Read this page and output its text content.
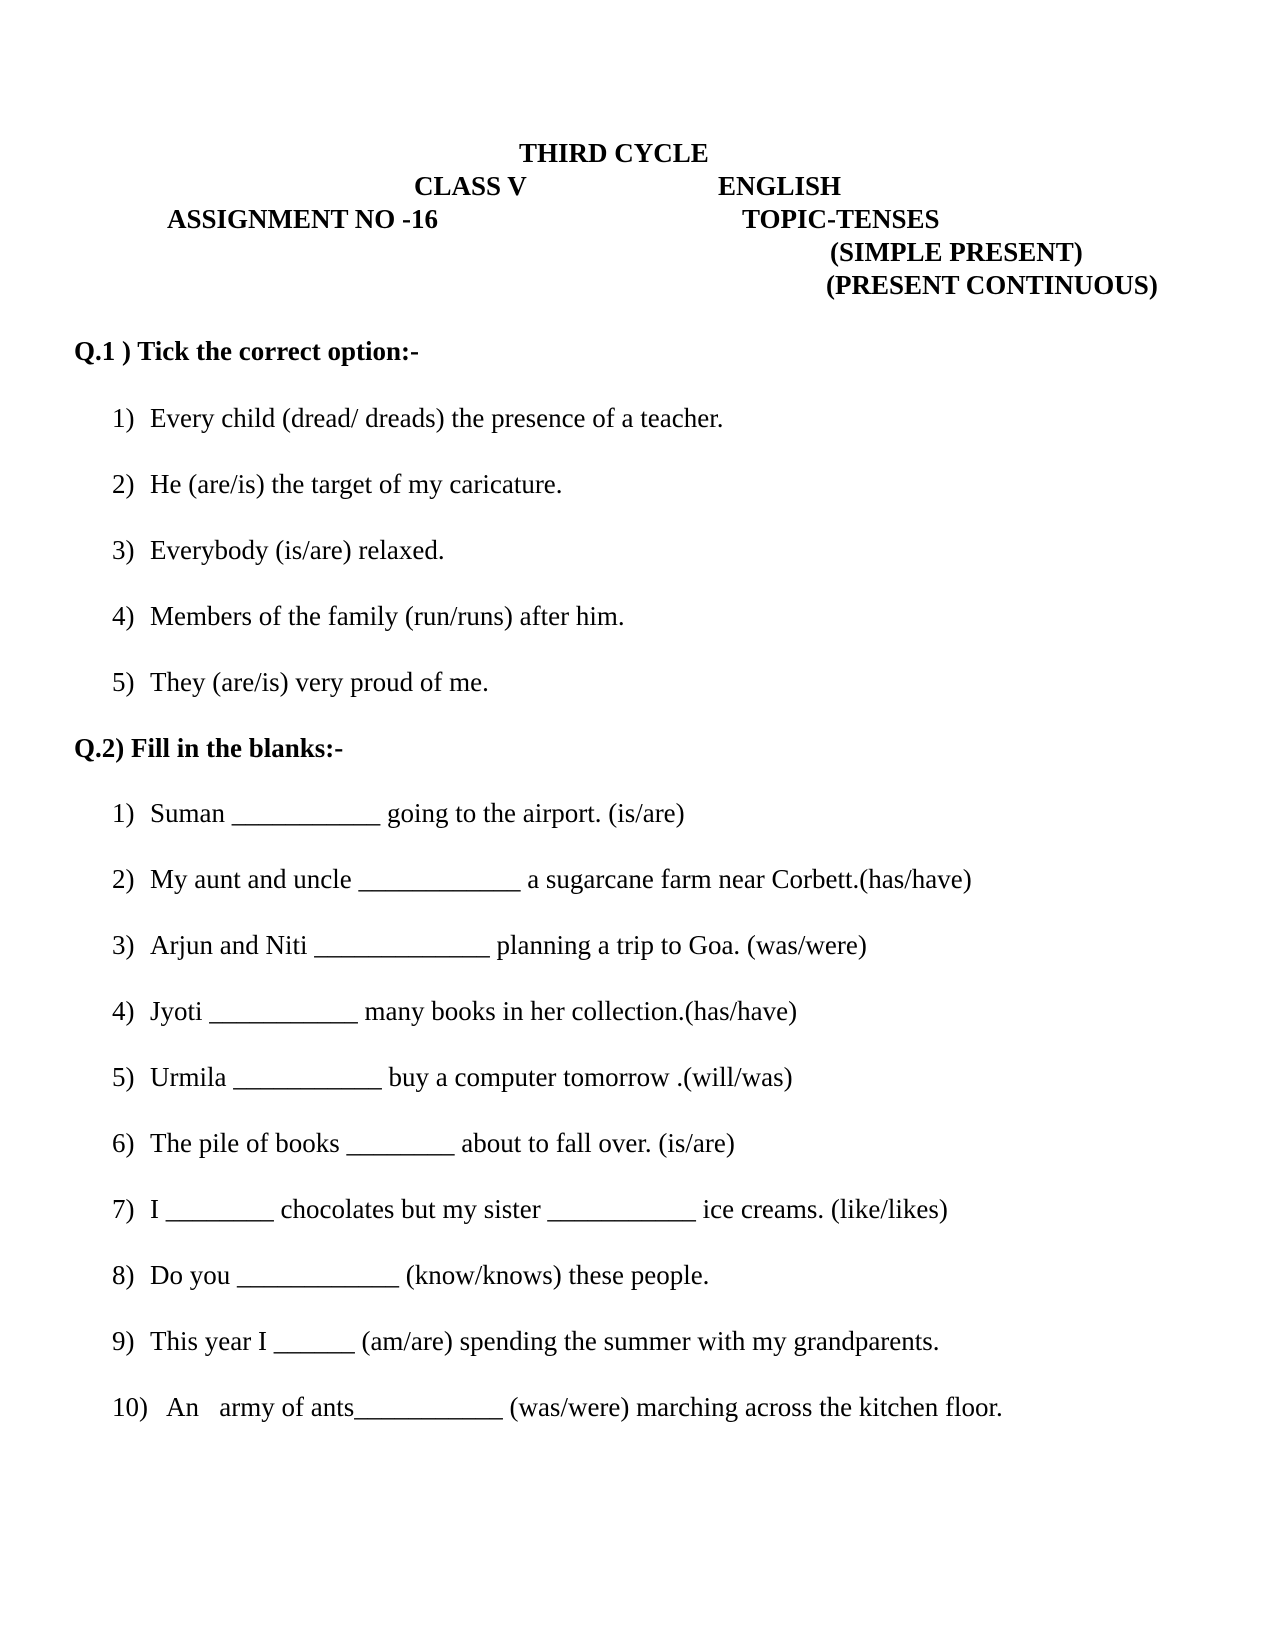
THIRD CYCLE
CLASS V	ENGLISH
ASSIGNMENT NO -16	TOPIC-TENSES
(SIMPLE PRESENT)
(PRESENT CONTINUOUS)
Q.1 ) Tick the correct option:-
1) Every child (dread/ dreads) the presence of a teacher.
2) He (are/is) the target of my caricature.
3) Everybody (is/are) relaxed.
4) Members of the family (run/runs) after him.
5) They (are/is) very proud of me.
Q.2) Fill in the blanks:-
1) Suman ___________ going to the airport. (is/are)
2) My aunt and uncle ____________ a sugarcane farm near Corbett.(has/have)
3) Arjun and Niti _____________ planning a trip to Goa. (was/were)
4) Jyoti ___________ many books in her collection.(has/have)
5) Urmila ___________ buy a computer tomorrow .(will/was)
6) The pile of books ________ about to fall over. (is/are)
7) I ________ chocolates but my sister ___________ ice creams. (like/likes)
8) Do you ____________ (know/knows) these people.
9) This year I ______ (am/are) spending the summer with my grandparents.
10) An   army of ants___________ (was/were) marching across the kitchen floor.
